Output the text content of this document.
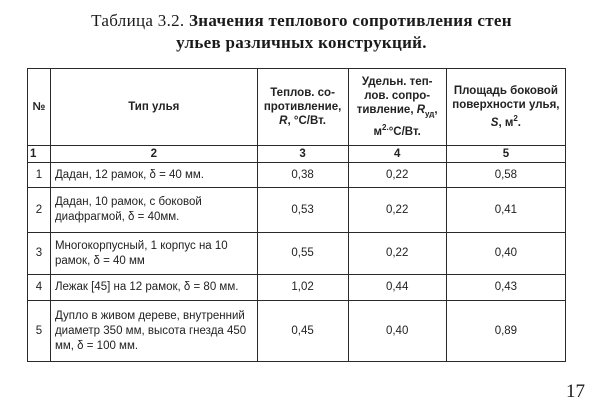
Таблица 3.2. Значения теплового сопротивления стен
ульев различных конструкций.
№	Тип улья	Теплов. со-противление, R, °С/Вт.	Удельн. теп-лов. сопро-тивление, $R_{уд}$, $м^{2.}^\circ С/Вт$.	Площадь боковой поверхности улья, S, $м^2$.
1	2	3	4	5
1	Дадан, 12 рамок, δ = 40 мм.	0,38	0,22	0,58
2	Дадан, 10 рамок, с боковой диафрагмой, δ = 40мм.	0,53	0,22	0,41
3	Многокорпусный, 1 корпус на 10 рамок, δ = 40 мм	0,55	0,22	0,40
4	Лежак [45] на 12 рамок, δ = 80 мм.	1,02	0,44	0,43
5	Дупло в живом дереве, внутренний диаметр 350 мм, высота гнезда 450 мм, δ = 100 мм.	0,45	0,40	0,89
17
